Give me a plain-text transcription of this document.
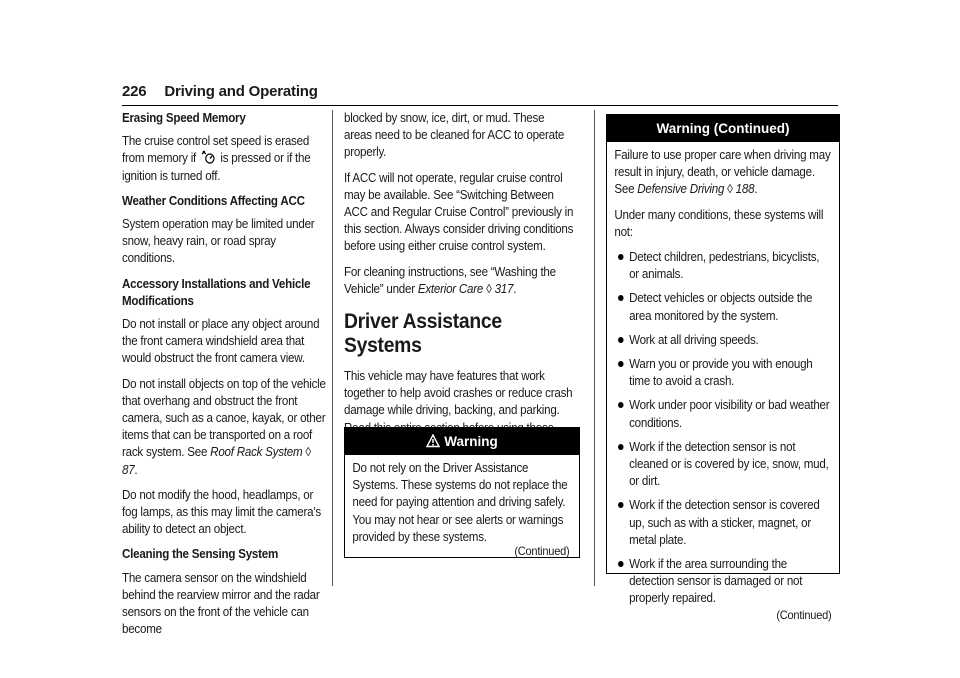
226 Driving and Operating

Erasing Speed Memory

The cruise control set speed is erased from memory if is pressed or if the ignition is turned off.

Weather Conditions Affecting ACC

System operation may be limited under snow, heavy rain, or road spray conditions.

Accessory Installations and Vehicle Modifications

Do not install or place any object around the front camera windshield area that would obstruct the front camera view.

Do not install objects on top of the vehicle that overhang and obstruct the front camera, such as a canoe, kayak, or other items that can be transported on a roof rack system. See Roof Rack System ◊ 87.

Do not modify the hood, headlamps, or fog lamps, as this may limit the camera’s ability to detect an object.

Cleaning the Sensing System

The camera sensor on the windshield behind the rearview mirror and the radar sensors on the front of the vehicle can become

blocked by snow, ice, dirt, or mud. These areas need to be cleaned for ACC to operate properly.

If ACC will not operate, regular cruise control may be available. See “Switching Between ACC and Regular Cruise Control” previously in this section. Always consider driving conditions before using either cruise control system.

For cleaning instructions, see “Washing the Vehicle” under Exterior Care ◊ 317.

Driver Assistance Systems

This vehicle may have features that work together to help avoid crashes or reduce crash damage while driving, backing, and parking.

Warning

Do not rely on the Driver Assistance Systems. These systems do not replace the need for paying attention and driving safely. You may not hear or see alerts or warnings provided by these systems.

(Continued)
Warning (Continued)

Failure to use proper care when driving may result in injury, death, or vehicle damage. See Defensive Driving ◊ 188.

Under many conditions, these systems will not:

Detect children, pedestrians, bicyclists, or animals.
Detect vehicles or objects outside the area monitored by the system.
Work at all driving speeds.
Warn you or provide you with enough time to avoid a crash.
Work under poor visibility or bad weather conditions.
Work if the detection sensor is not cleaned or is covered by ice, snow, mud, or dirt.
Work if the detection sensor is covered up, such as with a sticker, magnet, or metal plate.
Work if the area surrounding the detection sensor is damaged or not properly repaired.
(Continued)
